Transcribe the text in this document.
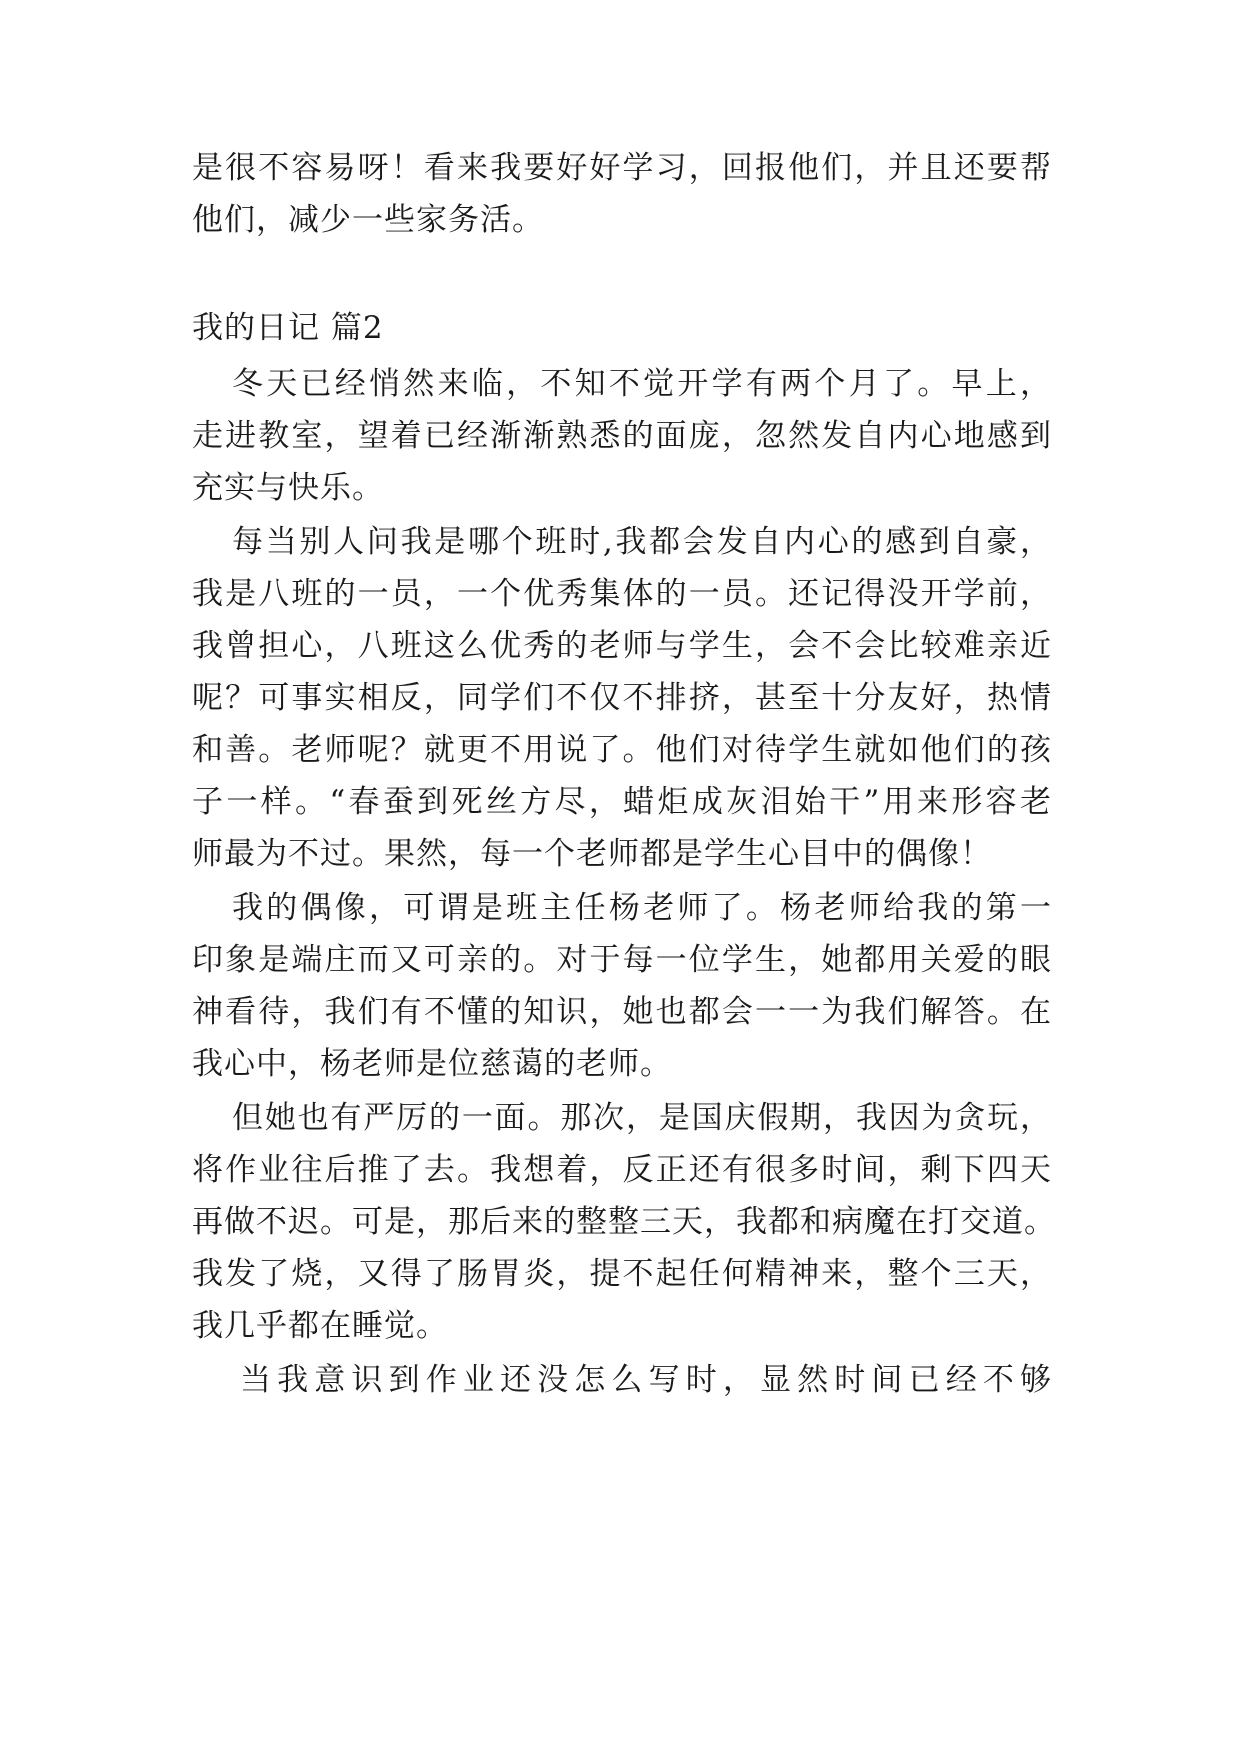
是很不容易呀！看来我要好好学习，回报他们，并且还要帮
他们，减少一些家务活。
我的日记 篇2
冬天已经悄然来临，不知不觉开学有两个月了。早上，
走进教室，望着已经渐渐熟悉的面庞，忽然发自内心地感到
充实与快乐。
每当别人问我是哪个班时,我都会发自内心的感到自豪，
我是八班的一员，一个优秀集体的一员。还记得没开学前，
我曾担心，八班这么优秀的老师与学生，会不会比较难亲近
呢？可事实相反，同学们不仅不排挤，甚至十分友好，热情
和善。老师呢？就更不用说了。他们对待学生就如他们的孩
子一样。“春蚕到死丝方尽，蜡炬成灰泪始干”用来形容老
师最为不过。果然，每一个老师都是学生心目中的偶像！
我的偶像，可谓是班主任杨老师了。杨老师给我的第一
印象是端庄而又可亲的。对于每一位学生，她都用关爱的眼
神看待，我们有不懂的知识，她也都会一一为我们解答。在
我心中，杨老师是位慈蔼的老师。
但她也有严厉的一面。那次，是国庆假期，我因为贪玩，
将作业往后推了去。我想着，反正还有很多时间，剩下四天
再做不迟。可是，那后来的整整三天，我都和病魔在打交道。
我发了烧，又得了肠胃炎，提不起任何精神来，整个三天，
我几乎都在睡觉。
当我意识到作业还没怎么写时，显然时间已经不够
